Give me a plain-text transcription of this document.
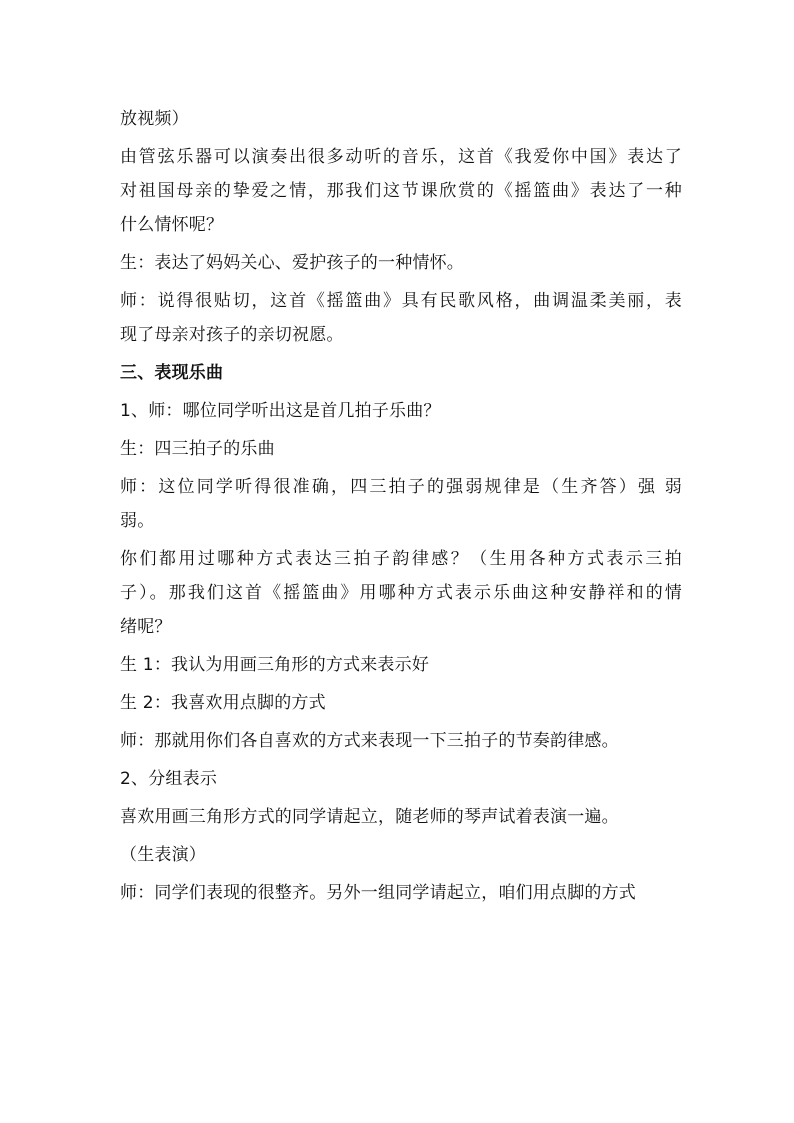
放视频）
由管弦乐器可以演奏出很多动听的音乐，这首《我爱你中国》表达了
对祖国母亲的挚爱之情，那我们这节课欣赏的《摇篮曲》表达了一种
什么情怀呢？
生：表达了妈妈关心、爱护孩子的一种情怀。
师：说得很贴切，这首《摇篮曲》具有民歌风格，曲调温柔美丽，表
现了母亲对孩子的亲切祝愿。
三、表现乐曲
1、师：哪位同学听出这是首几拍子乐曲？
生：四三拍子的乐曲
师：这位同学听得很准确，四三拍子的强弱规律是（生齐答）强 弱
弱。
你们都用过哪种方式表达三拍子韵律感？（生用各种方式表示三拍
子）。那我们这首《摇篮曲》用哪种方式表示乐曲这种安静祥和的情
绪呢？
生 1：我认为用画三角形的方式来表示好
生 2：我喜欢用点脚的方式
师：那就用你们各自喜欢的方式来表现一下三拍子的节奏韵律感。
2、分组表示
喜欢用画三角形方式的同学请起立，随老师的琴声试着表演一遍。
（生表演）
师：同学们表现的很整齐。另外一组同学请起立，咱们用点脚的方式
